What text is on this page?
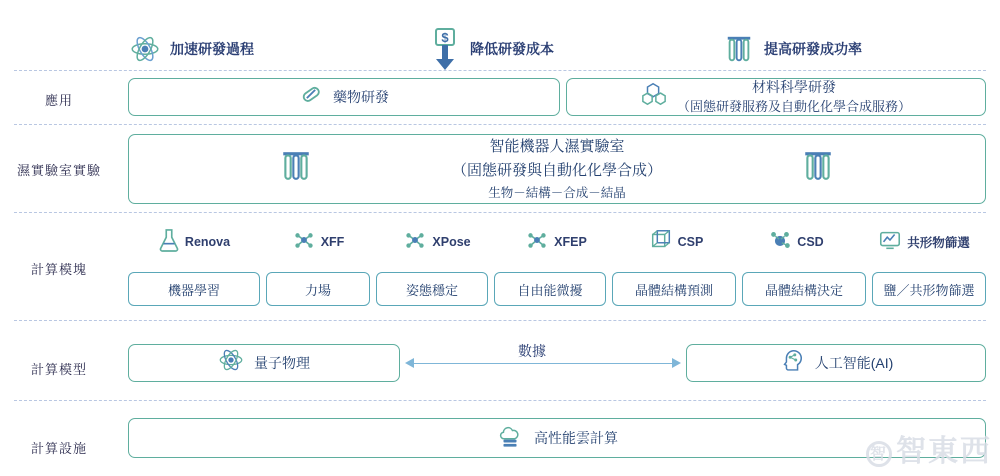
加速研發過程
$
降低研發成本	提高研發成功率
應用
濕實驗室實驗
計算模塊
計算模型
計算設施
藥物研發
材料科學研發
（固態研發服務及自動化化學合成服務）
智能機器人濕實驗室
（固態研發與自動化化學合成）
生物－結構－合成－結晶
Renova	XFF	XPose	XFEP	CSP	CSD	共形物篩選
機器學習	力場	姿態穩定	自由能微擾	晶體結構預測	晶體結構決定	鹽／共形物篩選
量子物理	人工智能(AI)
數據
高性能雲計算
智 智東西
